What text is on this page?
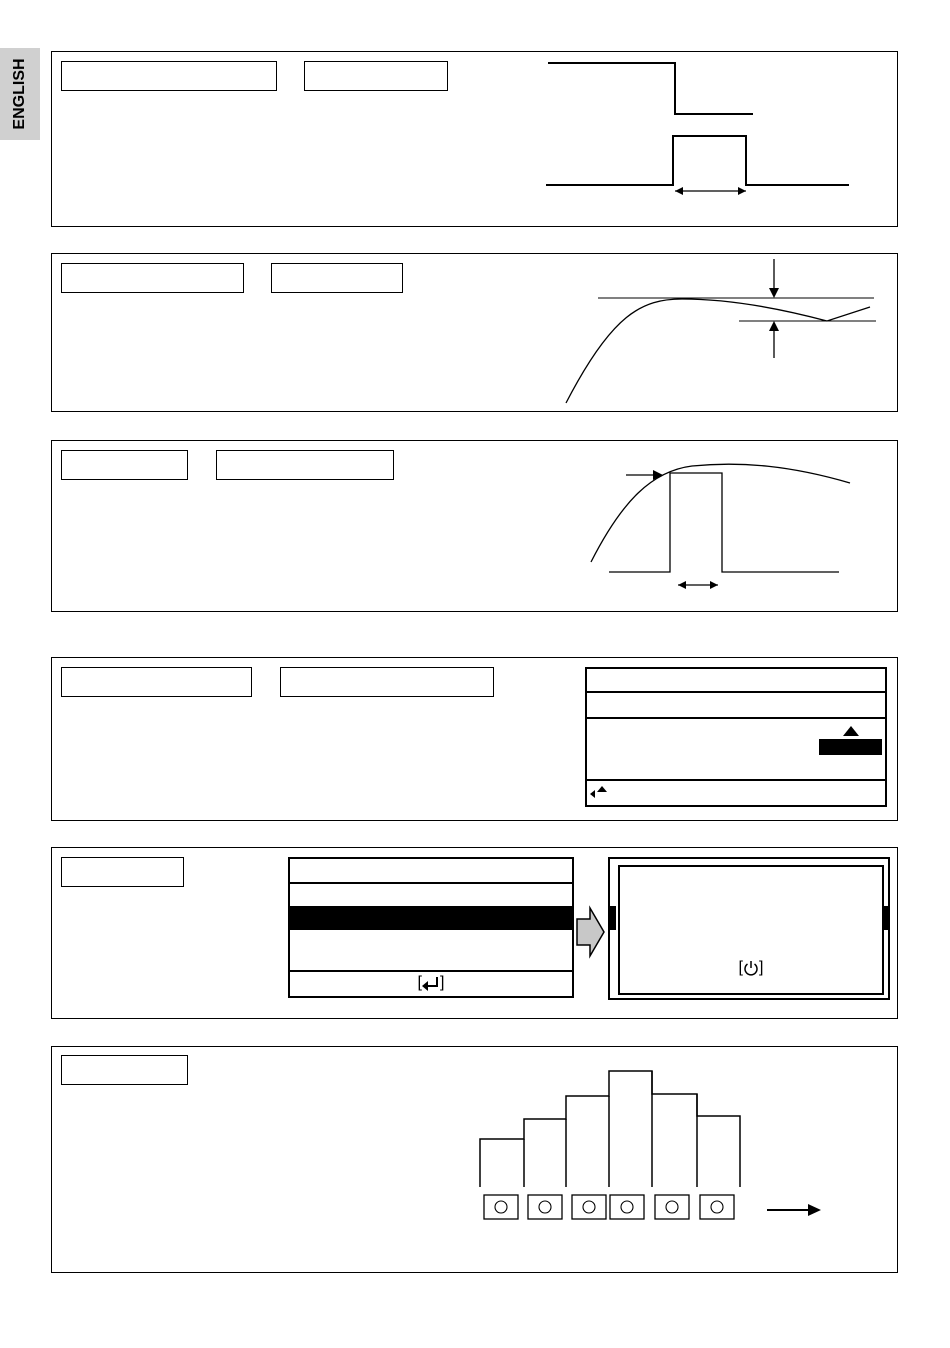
ENGLISH
[ ]
[ ]
